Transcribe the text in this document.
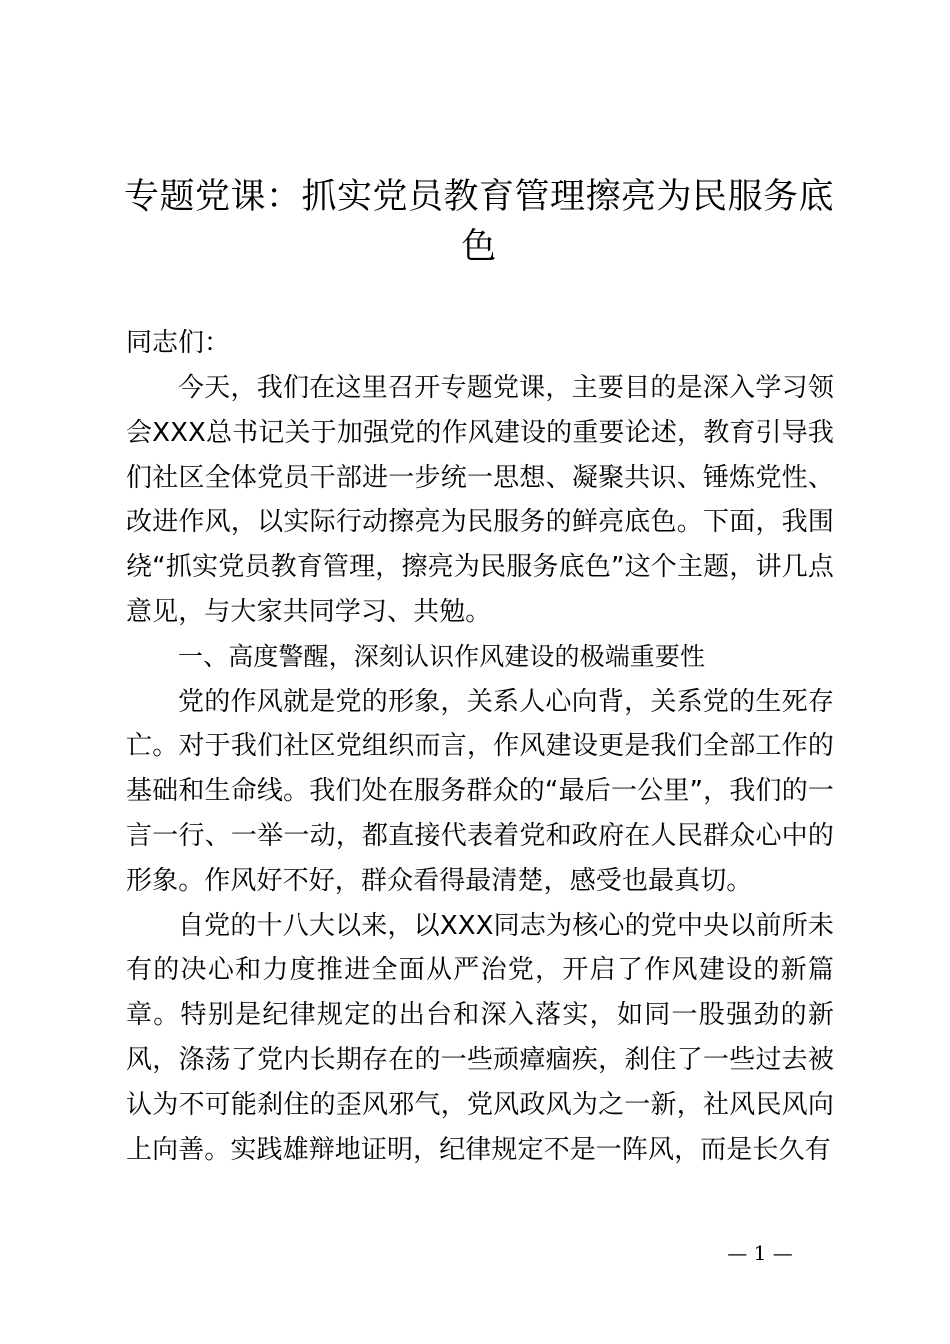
专题党课：抓实党员教育管理擦亮为民服务底色
同志们：

今天，我们在这里召开专题党课，主要目的是深入学习领会XXX总书记关于加强党的作风建设的重要论述，教育引导我们社区全体党员干部进一步统一思想、凝聚共识、锤炼党性、改进作风，以实际行动擦亮为民服务的鲜亮底色。下面，我围绕“抓实党员教育管理，擦亮为民服务底色”这个主题，讲几点意见，与大家共同学习、共勉。

一、高度警醒，深刻认识作风建设的极端重要性

党的作风就是党的形象，关系人心向背，关系党的生死存亡。对于我们社区党组织而言，作风建设更是我们全部工作的基础和生命线。我们处在服务群众的“最后一公里”，我们的一言一行、一举一动，都直接代表着党和政府在人民群众心中的形象。作风好不好，群众看得最清楚，感受也最真切。

自党的十八大以来，以XXX同志为核心的党中央以前所未有的决心和力度推进全面从严治党，开启了作风建设的新篇章。特别是纪律规定的出台和深入落实，如同一股强劲的新风，涤荡了党内长期存在的一些顽瘴痼疾，刹住了一些过去被认为不可能刹住的歪风邪气，党风政风为之一新，社风民风向上向善。实践雄辩地证明，纪律规定不是一阵风，而是长久有

— 1 —
